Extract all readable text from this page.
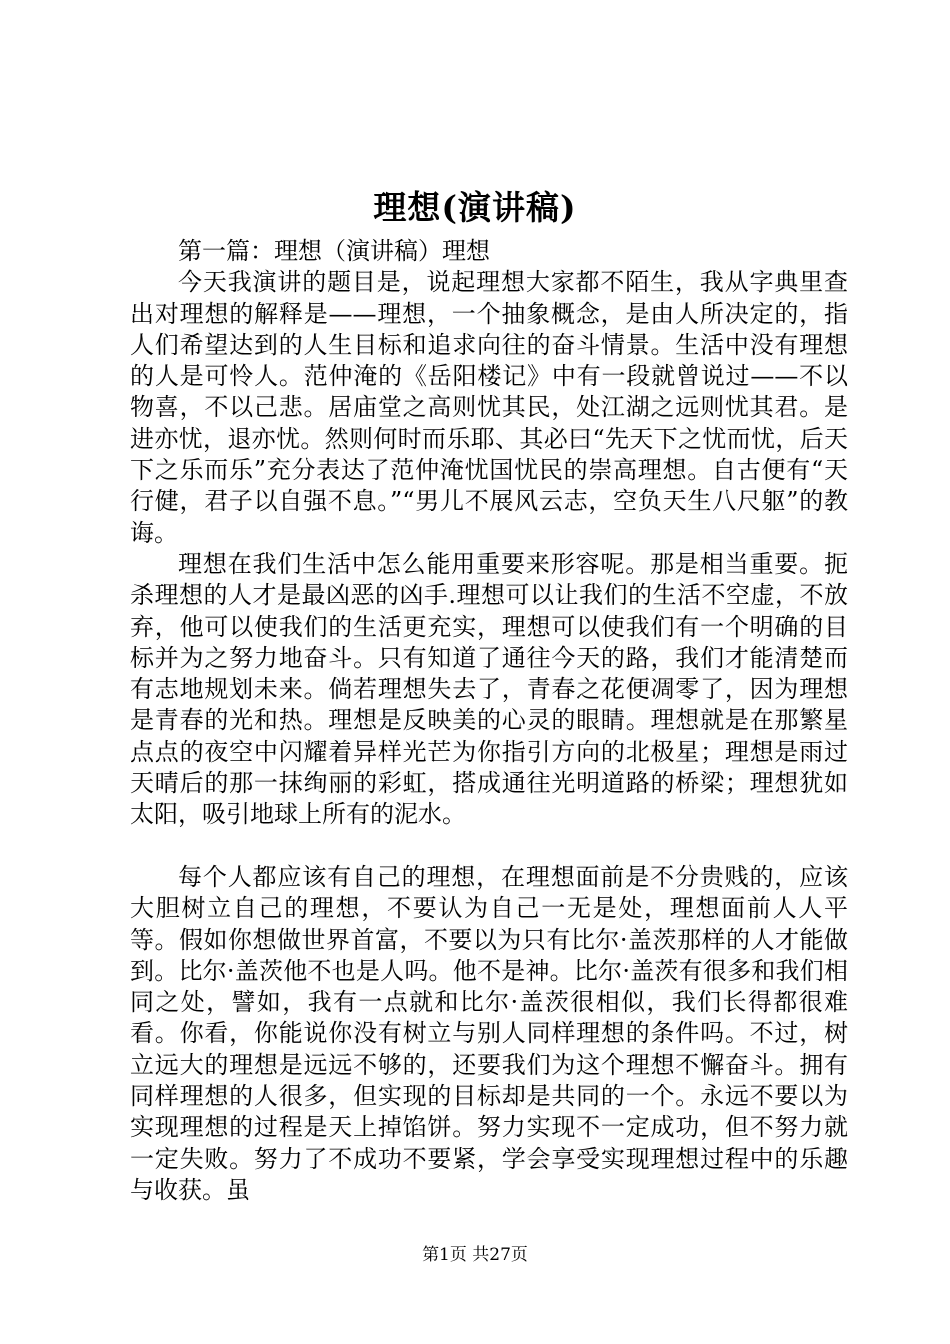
理想(演讲稿)

第一篇：理想（演讲稿）理想

今天我演讲的题目是，说起理想大家都不陌生，我从字典里查出对理想的解释是——理想，一个抽象概念，是由人所决定的，指人们希望达到的人生目标和追求向往的奋斗情景。生活中没有理想的人是可怜人。范仲淹的《岳阳楼记》中有一段就曾说过——不以物喜，不以己悲。居庙堂之高则忧其民，处江湖之远则忧其君。是进亦忧，退亦忧。然则何时而乐耶、其必曰“先天下之忧而忧，后天下之乐而乐”充分表达了范仲淹忧国忧民的崇高理想。自古便有“天行健，君子以自强不息。”“男儿不展风云志，空负天生八尺躯”的教诲。

理想在我们生活中怎么能用重要来形容呢。那是相当重要。扼杀理想的人才是最凶恶的凶手.理想可以让我们的生活不空虚，不放弃，他可以使我们的生活更充实，理想可以使我们有一个明确的目标并为之努力地奋斗。只有知道了通往今天的路，我们才能清楚而有志地规划未来。倘若理想失去了，青春之花便凋零了，因为理想是青春的光和热。理想是反映美的心灵的眼睛。理想就是在那繁星点点的夜空中闪耀着异样光芒为你指引方向的北极星；理想是雨过天晴后的那一抹绚丽的彩虹，搭成通往光明道路的桥梁；理想犹如太阳，吸引地球上所有的泥水。

每个人都应该有自己的理想，在理想面前是不分贵贱的，应该大胆树立自己的理想，不要认为自己一无是处，理想面前人人平等。假如你想做世界首富，不要以为只有比尔·盖茨那样的人才能做到。比尔·盖茨他不也是人吗。他不是神。比尔·盖茨有很多和我们相同之处，譬如，我有一点就和比尔·盖茨很相似，我们长得都很难看。你看，你能说你没有树立与别人同样理想的条件吗。不过，树立远大的理想是远远不够的，还要我们为这个理想不懈奋斗。拥有同样理想的人很多，但实现的目标却是共同的一个。永远不要以为实现理想的过程是天上掉馅饼。努力实现不一定成功，但不努力就一定失败。努力了不成功不要紧，学会享受实现理想过程中的乐趣与收获。虽

第1页 共27页
